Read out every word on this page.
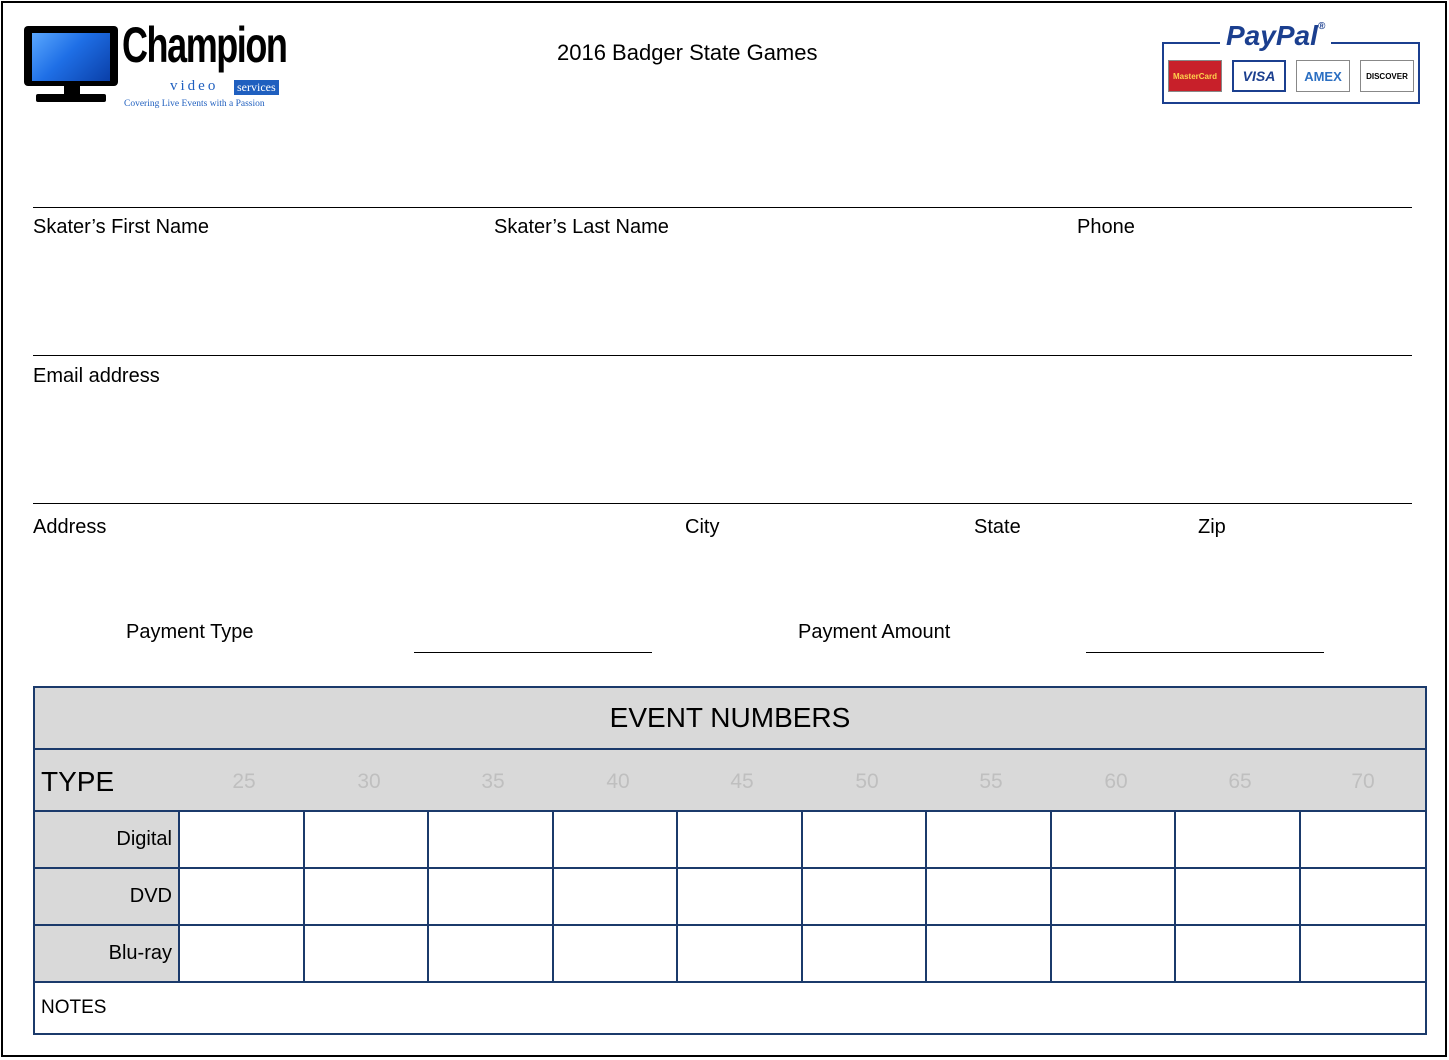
Champion
video services
Covering Live Events with a Passion
2016 Badger State Games
PayPal®
MasterCard	VISA	AMEX	DISCOVER
Skater’s First Name	Skater’s Last Name	Phone
Email address
Address	City	State	Zip
Payment Type	Payment Amount
EVENT NUMBERS
TYPE	25	30	35	40	45	50	55	60	65	70
Digital
DVD
Blu-ray
NOTES
